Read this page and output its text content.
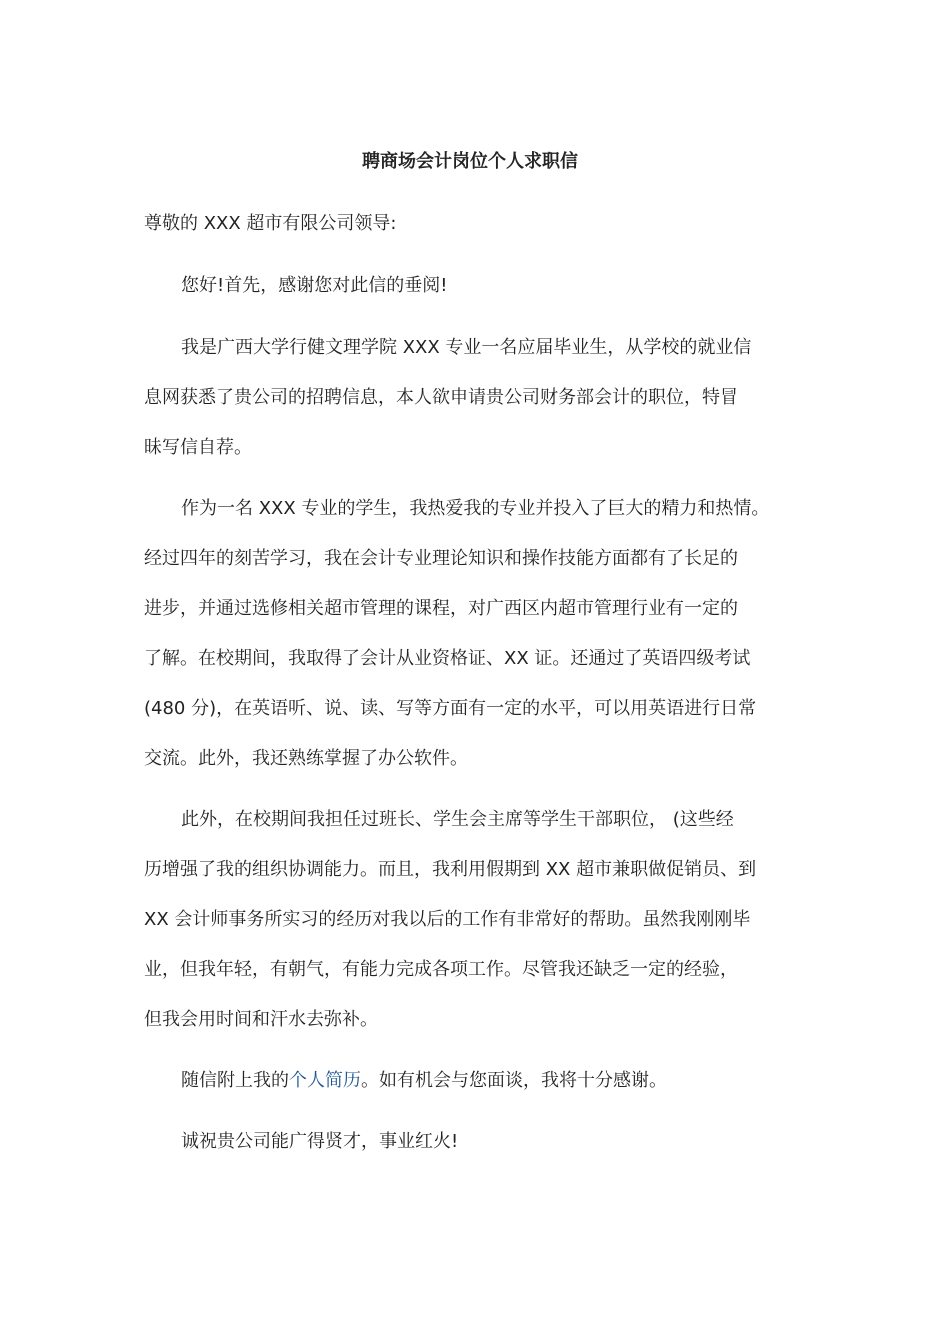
聘商场会计岗位个人求职信
尊敬的 XXX 超市有限公司领导:
您好!首先，感谢您对此信的垂阅!
我是广西大学行健文理学院 XXX 专业一名应届毕业生，从学校的就业信
息网获悉了贵公司的招聘信息，本人欲申请贵公司财务部会计的职位，特冒
昧写信自荐。
作为一名 XXX 专业的学生，我热爱我的专业并投入了巨大的精力和热情。
经过四年的刻苦学习，我在会计专业理论知识和操作技能方面都有了长足的
进步，并通过选修相关超市管理的课程，对广西区内超市管理行业有一定的
了解。在校期间，我取得了会计从业资格证、XX 证。还通过了英语四级考试
(480 分)，在英语听、说、读、写等方面有一定的水平，可以用英语进行日常
交流。此外，我还熟练掌握了办公软件。
此外，在校期间我担任过班长、学生会主席等学生干部职位， (这些经
历增强了我的组织协调能力。而且，我利用假期到 XX 超市兼职做促销员、到
XX 会计师事务所实习的经历对我以后的工作有非常好的帮助。虽然我刚刚毕
业，但我年轻，有朝气，有能力完成各项工作。尽管我还缺乏一定的经验，
但我会用时间和汗水去弥补。
随信附上我的个人简历。如有机会与您面谈，我将十分感谢。
诚祝贵公司能广得贤才，事业红火!
